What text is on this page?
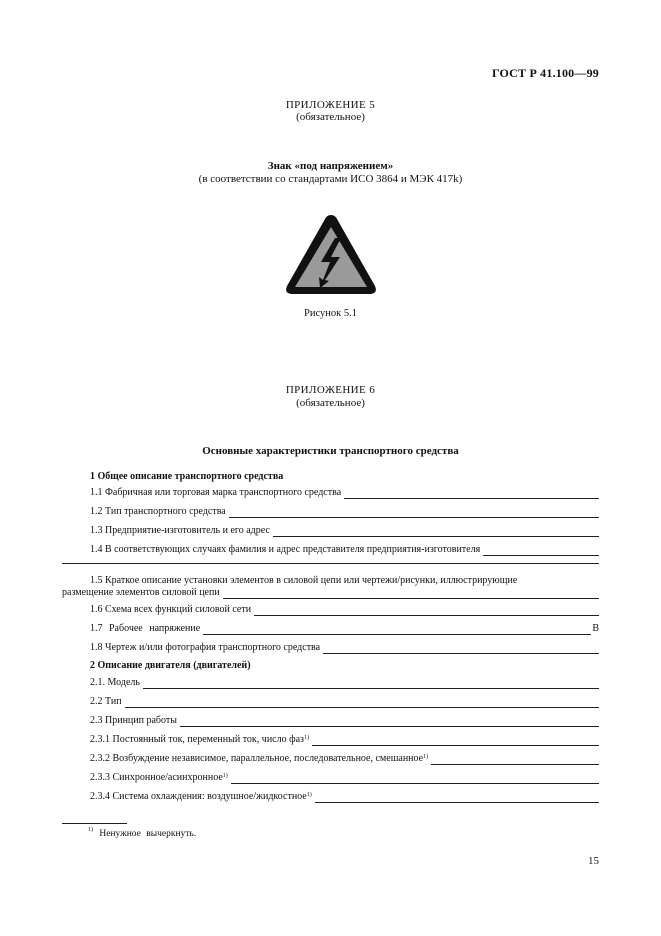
ГОСТ Р 41.100—99
ПРИЛОЖЕНИЕ 5
(обязательное)
Знак «под напряжением»
(в соответствии со стандартами ИСО 3864 и МЭК 417k)
Рисунок 5.1
ПРИЛОЖЕНИЕ 6
(обязательное)
Основные характеристики транспортного средства
1 Общее описание транспортного средства
1.1 Фабричная или торговая марка транспортного средства
1.2 Тип транспортного средства
1.3 Предприятие-изготовитель и его адрес
1.4 В соответствующих случаях фамилия и адрес представителя предприятия-изготовителя
1.5 Краткое описание установки элементов в силовой цепи или чертежи/рисунки, иллюстрирующие
размещение элементов силовой цепи
1.6 Схема всех функций силовой сети
1.7 Рабочее напряжение	В
1.8 Чертеж и/или фотография транспортного средства
2 Описание двигателя (двигателей)
2.1. Модель
2.2 Тип
2.3 Принцип работы
2.3.1 Постоянный ток, переменный ток, число фаз$^{1)}$
2.3.2 Возбуждение независимое, параллельное, последовательное, смешанное$^{1)}$
2.3.3 Синхронное/асинхронное$^{1)}$
2.3.4 Система охлаждения: воздушное/жидкостное$^{1)}$
$^{1)}$ Ненужное вычеркнуть.
15
